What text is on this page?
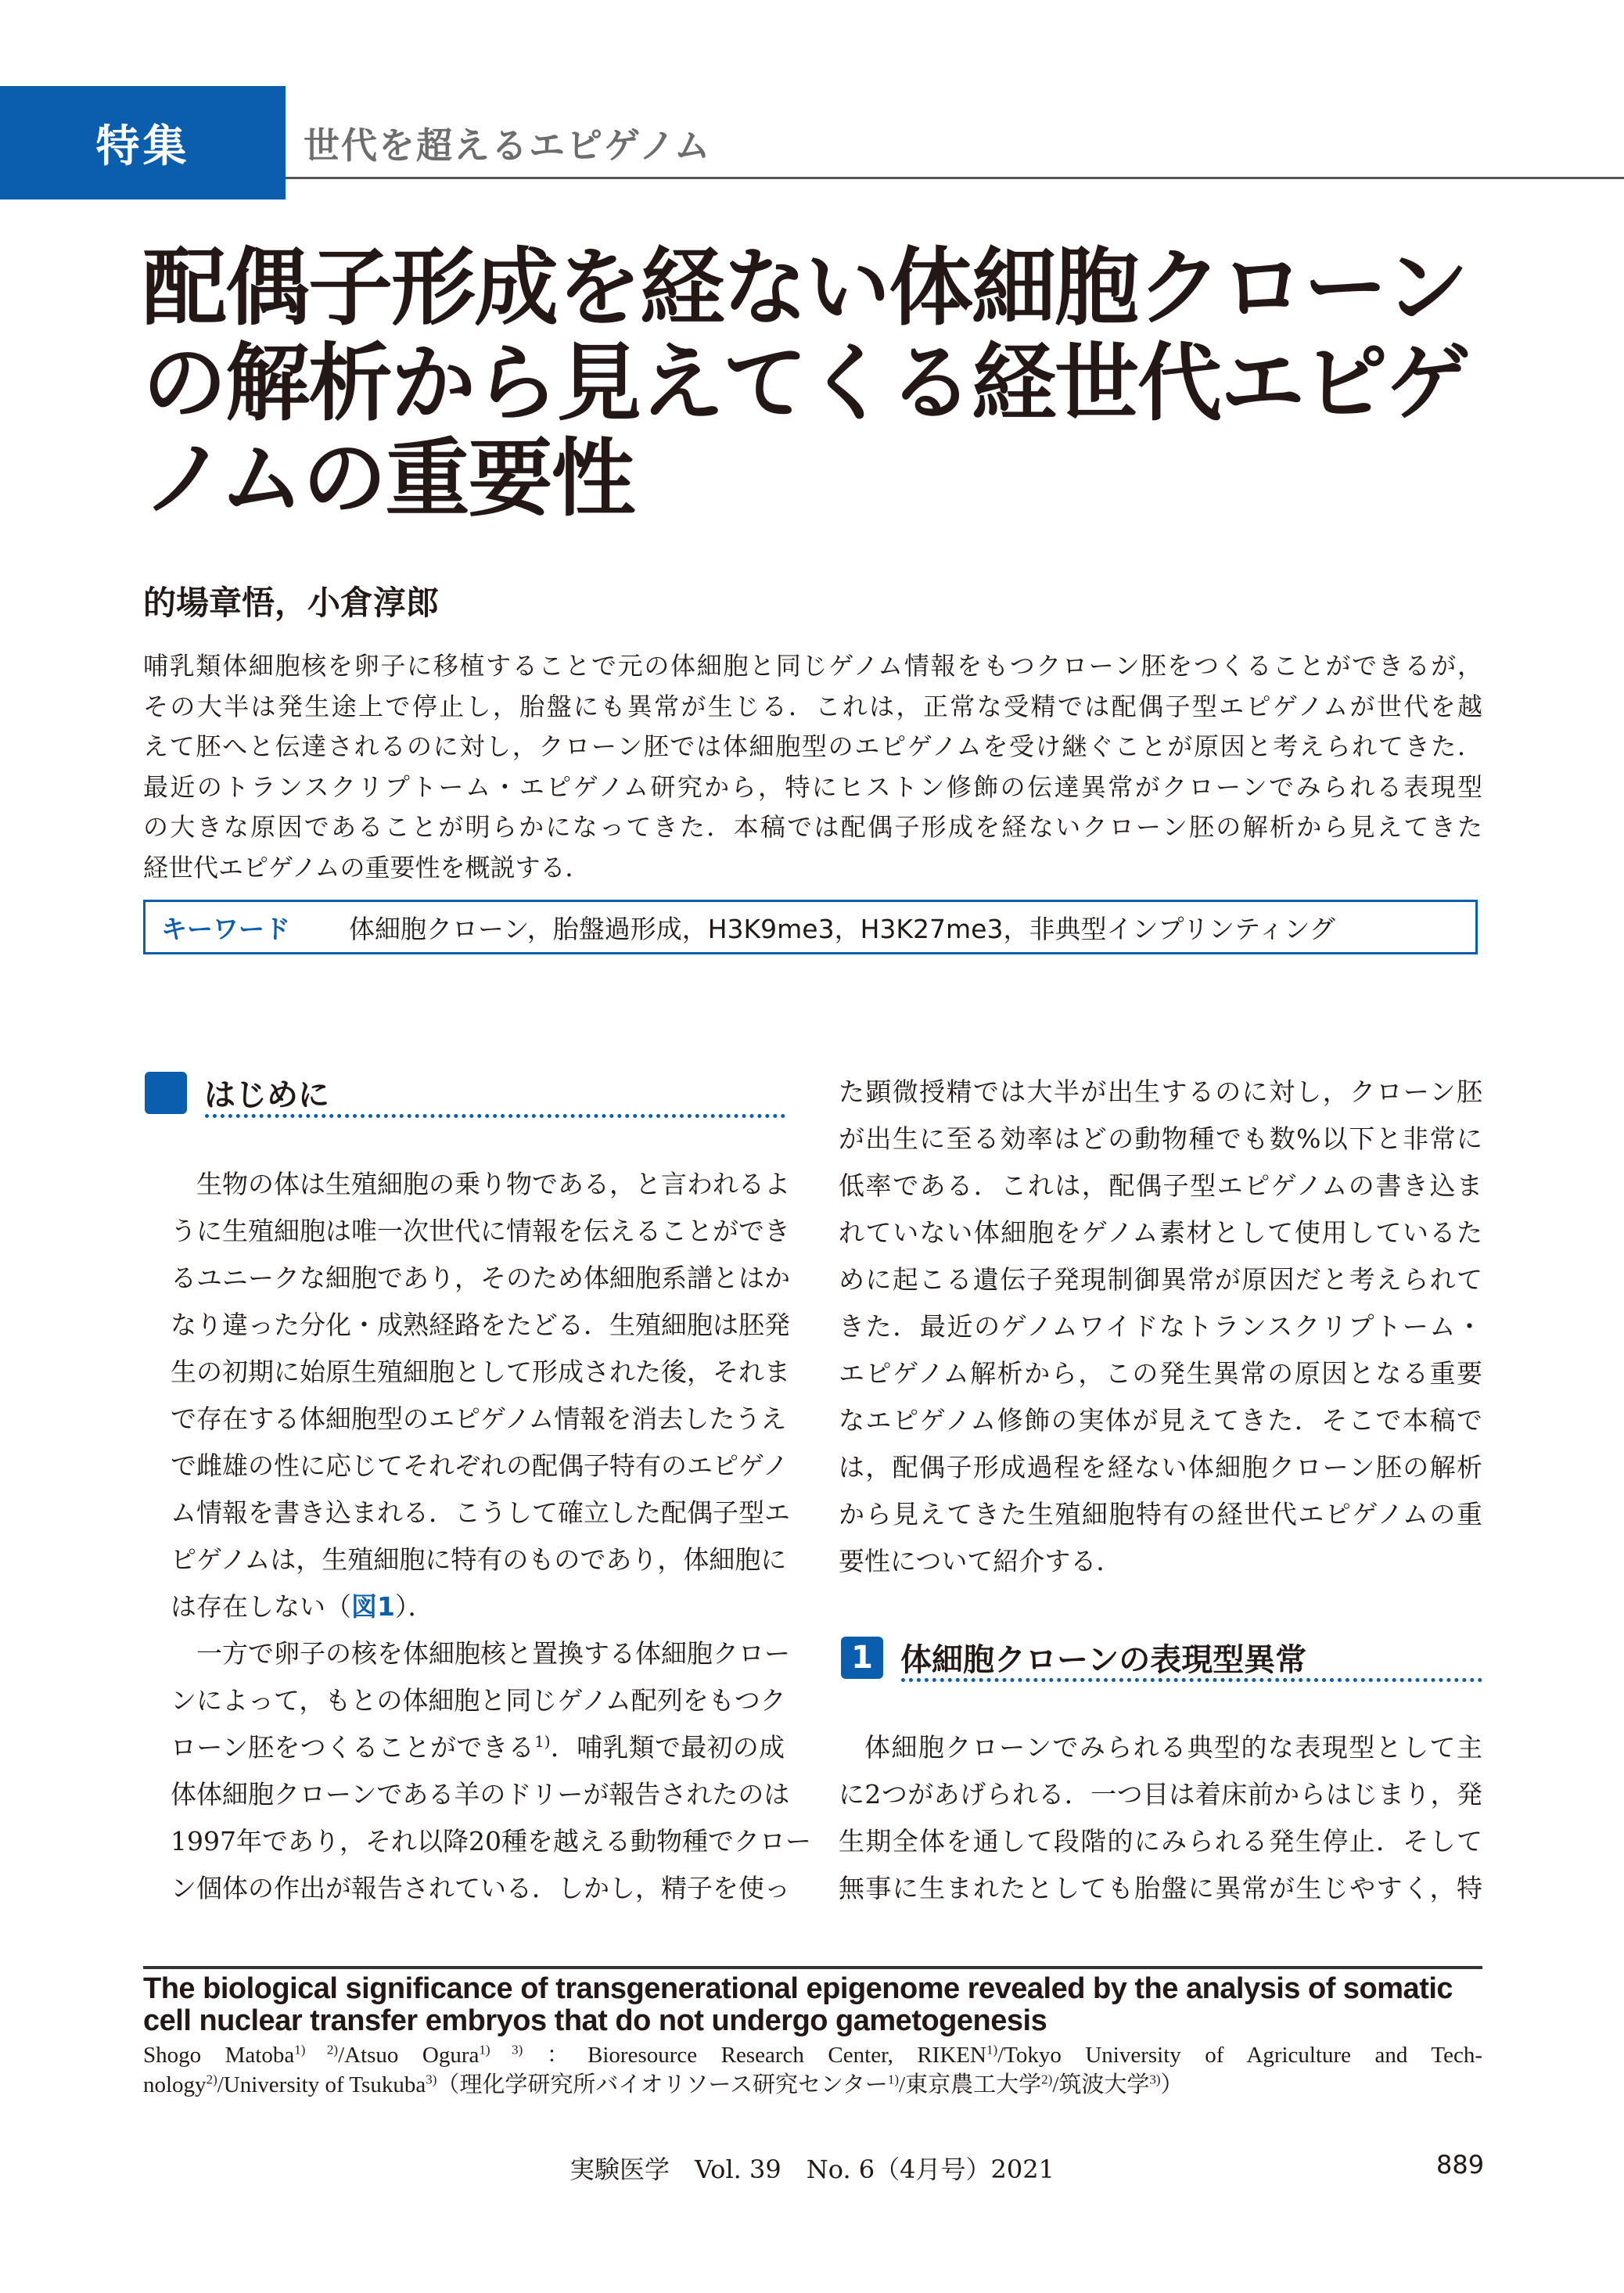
特集	世代を超えるエピゲノム
配偶子形成を経ない体細胞クローン
の解析から見えてくる経世代エピゲ
ノムの重要性
的場章悟，小倉淳郎
哺乳類体細胞核を卵子に移植することで元の体細胞と同じゲノム情報をもつクローン胚をつくることができるが，
その大半は発生途上で停止し，胎盤にも異常が生じる．これは，正常な受精では配偶子型エピゲノムが世代を越
えて胚へと伝達されるのに対し，クローン胚では体細胞型のエピゲノムを受け継ぐことが原因と考えられてきた．
最近のトランスクリプトーム・エピゲノム研究から，特にヒストン修飾の伝達異常がクローンでみられる表現型
の大きな原因であることが明らかになってきた．本稿では配偶子形成を経ないクローン胚の解析から見えてきた
経世代エピゲノムの重要性を概説する．
キーワード	体細胞クローン，胎盤過形成，H3K9me3，H3K27me3，非典型インプリンティング
はじめに
生物の体は生殖細胞の乗り物である，と言われるよ
うに生殖細胞は唯一次世代に情報を伝えることができ
るユニークな細胞であり，そのため体細胞系譜とはか
なり違った分化・成熟経路をたどる．生殖細胞は胚発
生の初期に始原生殖細胞として形成された後，それま
で存在する体細胞型のエピゲノム情報を消去したうえ
で雌雄の性に応じてそれぞれの配偶子特有のエピゲノ
ム情報を書き込まれる．こうして確立した配偶子型エ
ピゲノムは，生殖細胞に特有のものであり，体細胞に
は存在しない（図1）．
一方で卵子の核を体細胞核と置換する体細胞クロー
ンによって，もとの体細胞と同じゲノム配列をもつク
ローン胚をつくることができる$^{1)}$．哺乳類で最初の成
体体細胞クローンである羊のドリーが報告されたのは
1997年であり，それ以降20種を越える動物種でクロー
ン個体の作出が報告されている．しかし，精子を使っ
た顕微授精では大半が出生するのに対し，クローン胚
が出生に至る効率はどの動物種でも数%以下と非常に
低率である．これは，配偶子型エピゲノムの書き込ま
れていない体細胞をゲノム素材として使用しているた
めに起こる遺伝子発現制御異常が原因だと考えられて
きた．最近のゲノムワイドなトランスクリプトーム・
エピゲノム解析から，この発生異常の原因となる重要
なエピゲノム修飾の実体が見えてきた．そこで本稿で
は，配偶子形成過程を経ない体細胞クローン胚の解析
から見えてきた生殖細胞特有の経世代エピゲノムの重
要性について紹介する．
1 体細胞クローンの表現型異常
体細胞クローンでみられる典型的な表現型として主
に2つがあげられる．一つ目は着床前からはじまり，発
生期全体を通して段階的にみられる発生停止．そして
無事に生まれたとしても胎盤に異常が生じやすく，特
The biological significance of transgenerational epigenome revealed by the analysis of somatic cell nuclear transfer embryos that do not undergo gametogenesis
Shogo Matoba$^{1) 2)}$/Atsuo Ogura$^{1) 3)}$ ：Bioresource Research Center, RIKEN$^{1)}$/Tokyo University of Agriculture and Tech-
nology$^{2)}$/University of Tsukuba$^{3)}$（理化学研究所バイオリソース研究センター$^{1)}$/東京農工大学$^{2)}$/筑波大学$^{3)}$）
実験医学　Vol. 39　No. 6（4月号）2021	889
